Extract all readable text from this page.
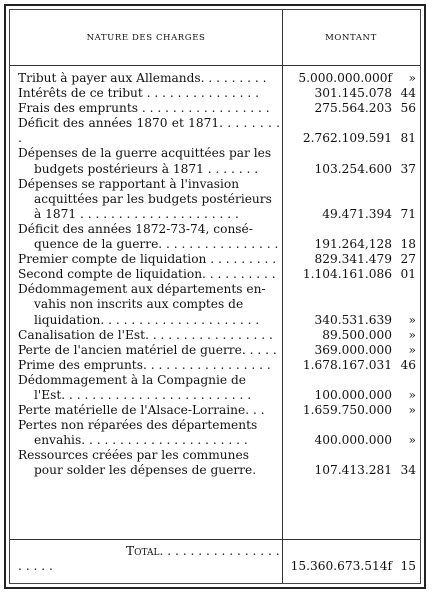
NATURE DES CHARGES	MONTANT
Tribut à payer aux Allemands. . . . . . . . .	5.000.000.000f	»
Intérêts de ce tribut . . . . . . . . . . . . . . .	301.145.078 44
Frais des emprunts . . . . . . . . . . . . . . . . .	275.564.203 56
Déficit des années 1870 et 1871. . . . . . . . .	2.762.109.591 81
Dépenses de la guerre acquittées par les
budgets postérieurs à 1871 . . . . . . .	103.254.600 37
Dépenses se rapportant à l'invasion
acquittées par les budgets postérieurs
à 1871 . . . . . . . . . . . . . . . . . . . . .	49.471.394 71
Déficit des années 1872-73-74, consé-
quence de la guerre. . . . . . . . . . . . . . . .	191.264,128 18
Premier compte de liquidation . . . . . . . . .	829.341.479 27
Second compte de liquidation. . . . . . . . . .	1.104.161.086 01
Dédommagement aux départements en-
vahis non inscrits aux comptes de
liquidation. . . . . . . . . . . . . . . . . . . . .	340.531.639	»
Canalisation de l'Est. . . . . . . . . . . . . . . . .	89.500.000	»
Perte de l'ancien matériel de guerre. . . . .	369.000.000	»
Prime des emprunts. . . . . . . . . . . . . . . . .	1.678.167.031 46
Dédommagement à la Compagnie de
l'Est. . . . . . . . . . . . . . . . . . . . . . . . .	100.000.000	»
Perte matérielle de l'Alsace-Lorraine. . .	1.659.750.000	»
Pertes non réparées des départements
envahis. . . . . . . . . . . . . . . . . . . . . .	400.000.000	»
Ressources créées par les communes
pour solder les dépenses de guerre.	107.413.281 34
Total. . . . . . . . . . . . . . . . . . . . .	15.360.673.514f 15
